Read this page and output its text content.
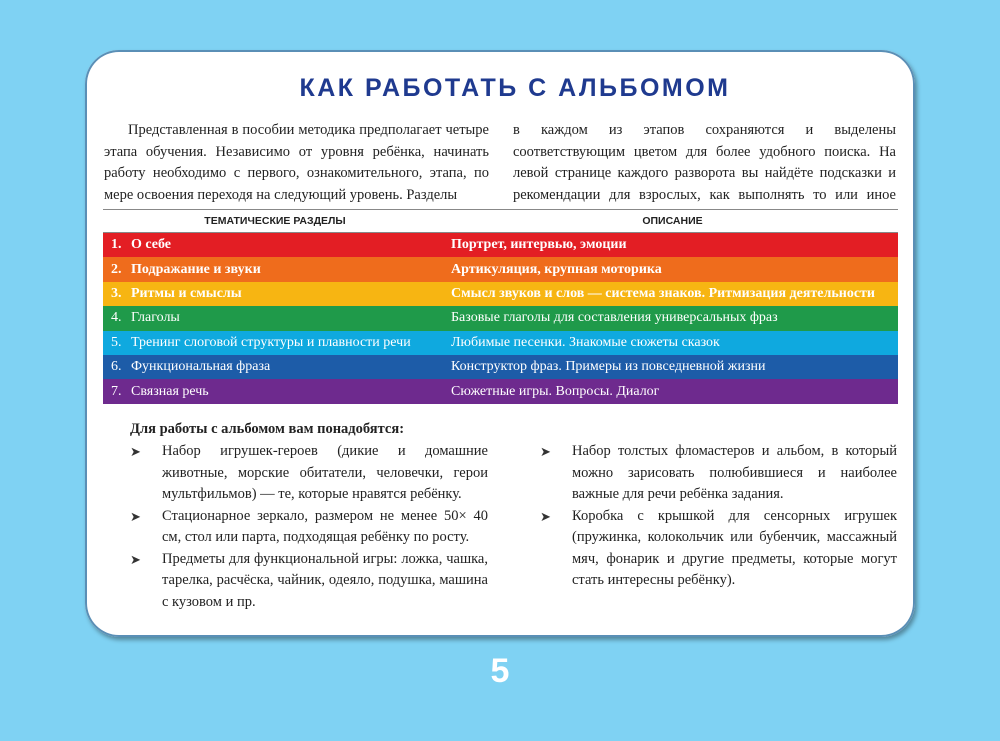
КАК РАБОТАТЬ С АЛЬБОМОМ
Представленная в пособии методика предполагает четыре этапа обучения. Независимо от уровня ребёнка, начинать работу необходимо с первого, ознакомительного, этапа, по мере освоения переходя на следующий уровень. Разделы
в каждом из этапов сохраняются и выделены соответствующим цветом для более удобного поиска. На левой странице каждого разворота вы найдёте подсказки и рекомендации для взрослых, как выполнять то или иное
ТЕМАТИЧЕСКИЕ РАЗДЕЛЫ	ОПИСАНИЕ
1. О себе	Портрет, интервью, эмоции
2. Подражание и звуки	Артикуляция, крупная моторика
3. Ритмы и смыслы	Смысл звуков и слов — система знаков. Ритмизация деятельности
4. Глаголы	Базовые глаголы для составления универсальных фраз
5. Тренинг слоговой структуры и плавности речи	Любимые песенки. Знакомые сюжеты сказок
6. Функциональная фраза	Конструктор фраз. Примеры из повседневной жизни
7. Связная речь	Сюжетные игры. Вопросы. Диалог
Для работы с альбомом вам понадобятся:
➤ Набор игрушек-героев (дикие и домашние животные, морские обитатели, человечки, герои мультфильмов) — те, которые нравятся ребёнку.
➤ Стационарное зеркало, размером не менее 50× 40 см, стол или парта, подходящая ребёнку по росту.
➤ Предметы для функциональной игры: ложка, чашка, тарелка, расчёска, чайник, одеяло, подушка, машина с кузовом и пр.
➤ Набор толстых фломастеров и альбом, в который можно зарисовать полюбившиеся и наиболее важные для речи ребёнка задания.
➤ Коробка с крышкой для сенсорных игрушек (пружинка, колокольчик или бубенчик, массажный мяч, фонарик и другие предметы, которые могут стать интересны ребёнку).
5
